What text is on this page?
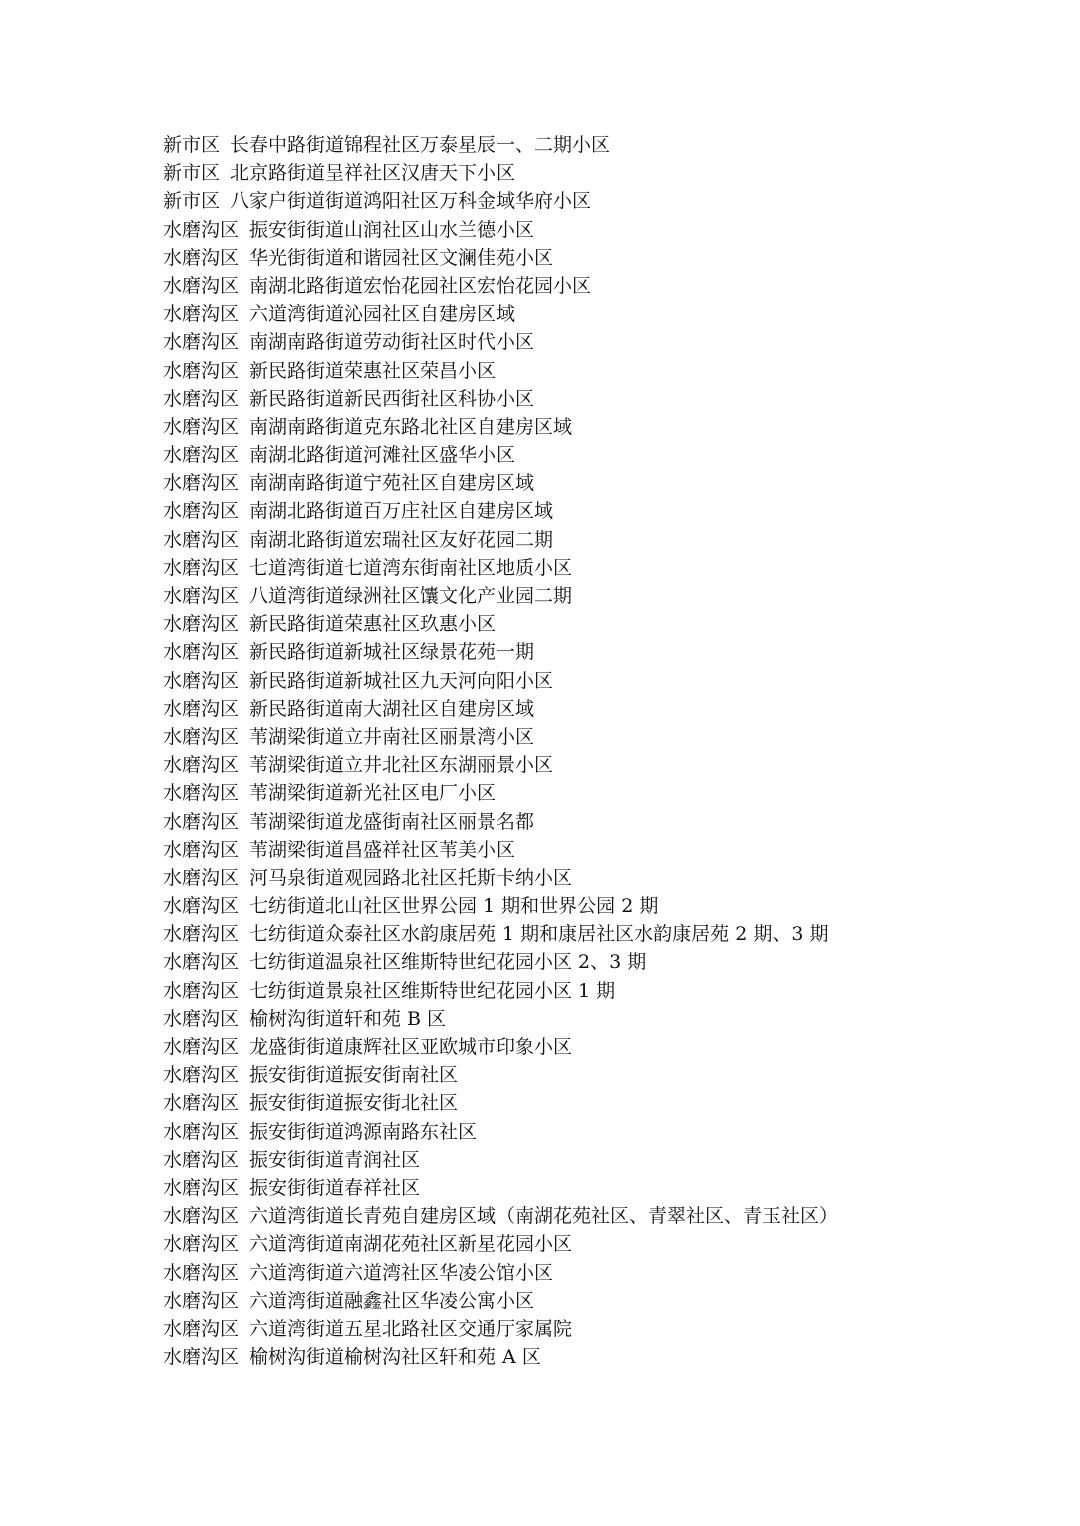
新市区 长春中路街道锦程社区万泰星辰一、二期小区
新市区 北京路街道呈祥社区汉唐天下小区
新市区 八家户街道街道鸿阳社区万科金域华府小区
水磨沟区 振安街街道山润社区山水兰德小区
水磨沟区 华光街街道和谐园社区文澜佳苑小区
水磨沟区 南湖北路街道宏怡花园社区宏怡花园小区
水磨沟区 六道湾街道沁园社区自建房区域
水磨沟区 南湖南路街道劳动街社区时代小区
水磨沟区 新民路街道荣惠社区荣昌小区
水磨沟区 新民路街道新民西街社区科协小区
水磨沟区 南湖南路街道克东路北社区自建房区域
水磨沟区 南湖北路街道河滩社区盛华小区
水磨沟区 南湖南路街道宁苑社区自建房区域
水磨沟区 南湖北路街道百万庄社区自建房区域
水磨沟区 南湖北路街道宏瑞社区友好花园二期
水磨沟区 七道湾街道七道湾东街南社区地质小区
水磨沟区 八道湾街道绿洲社区馕文化产业园二期
水磨沟区 新民路街道荣惠社区玖惠小区
水磨沟区 新民路街道新城社区绿景花苑一期
水磨沟区 新民路街道新城社区九天河向阳小区
水磨沟区 新民路街道南大湖社区自建房区域
水磨沟区 苇湖梁街道立井南社区丽景湾小区
水磨沟区 苇湖梁街道立井北社区东湖丽景小区
水磨沟区 苇湖梁街道新光社区电厂小区
水磨沟区 苇湖梁街道龙盛街南社区丽景名都
水磨沟区 苇湖梁街道昌盛祥社区苇美小区
水磨沟区 河马泉街道观园路北社区托斯卡纳小区
水磨沟区 七纺街道北山社区世界公园 1 期和世界公园 2 期
水磨沟区 七纺街道众泰社区水韵康居苑 1 期和康居社区水韵康居苑 2 期、3 期
水磨沟区 七纺街道温泉社区维斯特世纪花园小区 2、3 期
水磨沟区 七纺街道景泉社区维斯特世纪花园小区 1 期
水磨沟区 榆树沟街道轩和苑 B 区
水磨沟区 龙盛街街道康辉社区亚欧城市印象小区
水磨沟区 振安街街道振安街南社区
水磨沟区 振安街街道振安街北社区
水磨沟区 振安街街道鸿源南路东社区
水磨沟区 振安街街道青润社区
水磨沟区 振安街街道春祥社区
水磨沟区 六道湾街道长青苑自建房区域（南湖花苑社区、青翠社区、青玉社区）
水磨沟区 六道湾街道南湖花苑社区新星花园小区
水磨沟区 六道湾街道六道湾社区华凌公馆小区
水磨沟区 六道湾街道融鑫社区华凌公寓小区
水磨沟区 六道湾街道五星北路社区交通厅家属院
水磨沟区 榆树沟街道榆树沟社区轩和苑 A 区
